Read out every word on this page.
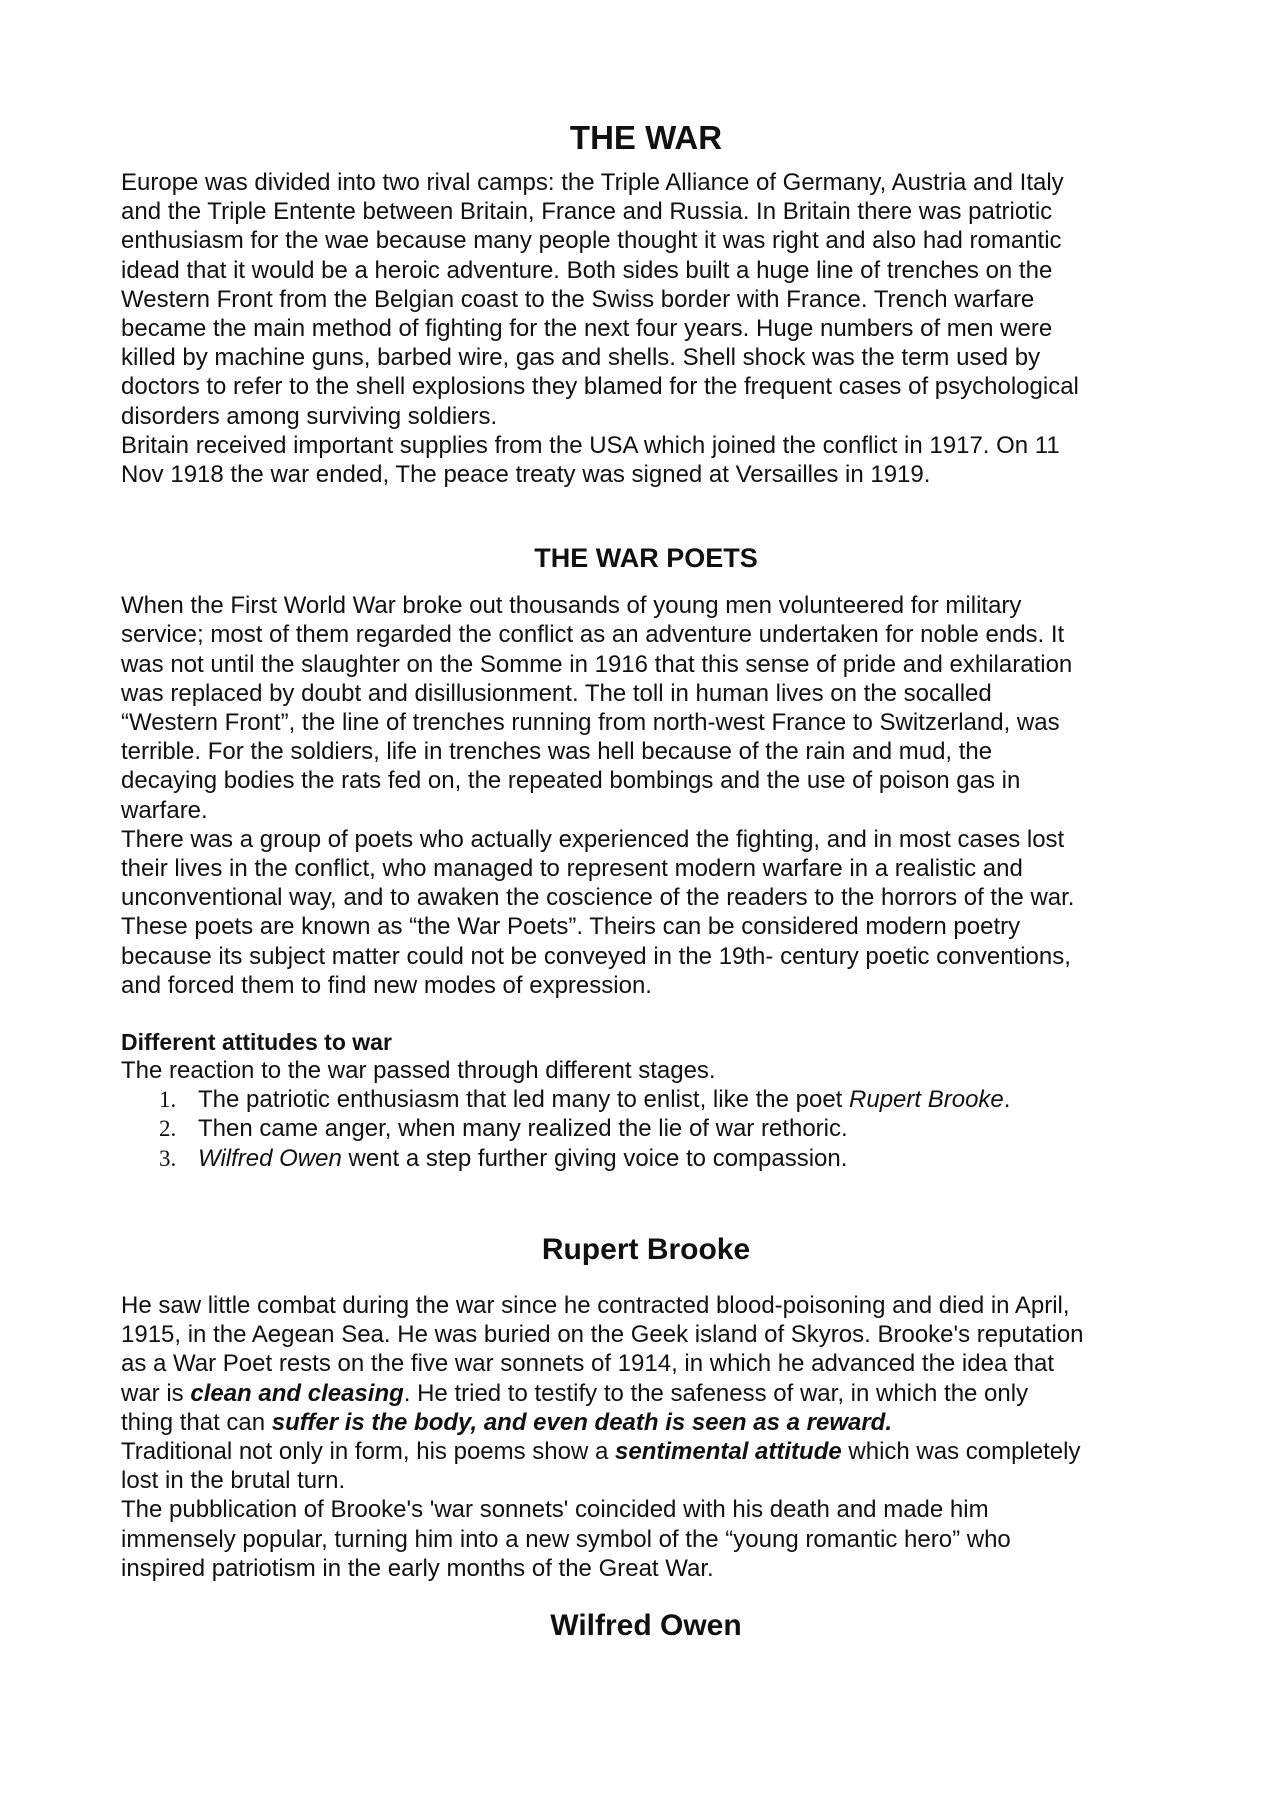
THE WAR

Europe was divided into two rival camps: the Triple Alliance of Germany, Austria and Italy

and the Triple Entente between Britain, France and Russia. In Britain there was patriotic

enthusiasm for the wae because many people thought it was right and also had romantic

idead that it would be a heroic adventure. Both sides built a huge line of trenches on the

Western Front from the Belgian coast to the Swiss border with France. Trench warfare

became the main method of fighting for the next four years. Huge numbers of men were

killed by machine guns, barbed wire, gas and shells. Shell shock was the term used by

doctors to refer to the shell explosions they blamed for the frequent cases of psychological

disorders among surviving soldiers.

Britain received important supplies from the USA which joined the conflict in 1917. On 11

Nov 1918 the war ended, The peace treaty was signed at Versailles in 1919.

THE WAR POETS

When the First World War broke out thousands of young men volunteered for military

service; most of them regarded the conflict as an adventure undertaken for noble ends. It

was not until the slaughter on the Somme in 1916 that this sense of pride and exhilaration

was replaced by doubt and disillusionment. The toll in human lives on the socalled

“Western Front”, the line of trenches running from north-west France to Switzerland, was

terrible. For the soldiers, life in trenches was hell because of the rain and mud, the

decaying bodies the rats fed on, the repeated bombings and the use of poison gas in

warfare.

There was a group of poets who actually experienced the fighting, and in most cases lost

their lives in the conflict, who managed to represent modern warfare in a realistic and

unconventional way, and to awaken the coscience of the readers to the horrors of the war.

These poets are known as “the War Poets”. Theirs can be considered modern poetry

because its subject matter could not be conveyed in the 19th- century poetic conventions,

and forced them to find new modes of expression.

Different attitudes to war

The reaction to the war passed through different stages.

1. The patriotic enthusiasm that led many to enlist, like the poet Rupert Brooke.
2. Then came anger, when many realized the lie of war rethoric.
3. Wilfred Owen went a step further giving voice to compassion.
Rupert Brooke

He saw little combat during the war since he contracted blood-poisoning and died in April,

1915, in the Aegean Sea. He was buried on the Geek island of Skyros. Brooke's reputation

as a War Poet rests on the five war sonnets of 1914, in which he advanced the idea that

war is clean and cleasing. He tried to testify to the safeness of war, in which the only

thing that can suffer is the body, and even death is seen as a reward.

Traditional not only in form, his poems show a sentimental attitude which was completely

lost in the brutal turn.

The pubblication of Brooke's 'war sonnets' coincided with his death and made him

immensely popular, turning him into a new symbol of the “young romantic hero” who

inspired patriotism in the early months of the Great War.

Wilfred Owen
